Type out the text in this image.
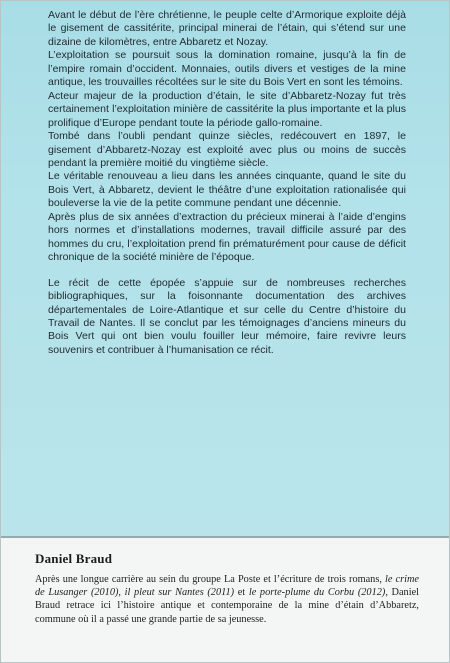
Avant le début de l’ère chrétienne, le peuple celte d’Armorique exploite déjà le gisement de cassitérite, principal minerai de l’étain, qui s’étend sur une dizaine de kilomètres, entre Abbaretz et Nozay.

L’exploitation se poursuit sous la domination romaine, jusqu’à la fin de l’empire romain d’occident. Monnaies, outils divers et vestiges de la mine antique, les trouvailles récoltées sur le site du Bois Vert en sont les témoins.

Acteur majeur de la production d’étain, le site d’Abbaretz-Nozay fut très certainement l’exploitation minière de cassitérite la plus importante et la plus prolifique d’Europe pendant toute la période gallo-romaine.

Tombé dans l’oubli pendant quinze siècles, redécouvert en 1897, le gisement d’Abbaretz-Nozay est exploité avec plus ou moins de succès pendant la première moitié du vingtième siècle.

Le véritable renouveau a lieu dans les années cinquante, quand le site du Bois Vert, à Abbaretz, devient le théâtre d’une exploitation rationalisée qui bouleverse la vie de la petite commune pendant une décennie.

Après plus de six années d’extraction du précieux minerai à l’aide d’engins hors normes et d’installations modernes, travail difficile assuré par des hommes du cru, l’exploitation prend fin prématurément pour cause de déficit chronique de la société minière de l’époque.

Le récit de cette épopée s’appuie sur de nombreuses recherches bibliographiques, sur la foisonnante documentation des archives départementales de Loire-Atlantique et sur celle du Centre d’histoire du Travail de Nantes. Il se conclut par les témoignages d’anciens mineurs du Bois Vert qui ont bien voulu fouiller leur mémoire, faire revivre leurs souvenirs et contribuer à l’humanisation ce récit.

Daniel Braud

Après une longue carrière au sein du groupe La Poste et l’écriture de trois romans, le crime de Lusanger (2010), il pleut sur Nantes (2011) et le porte-plume du Corbu (2012), Daniel Braud retrace ici l’histoire antique et contemporaine de la mine d’étain d’Abbaretz, commune où il a passé une grande partie de sa jeunesse.
